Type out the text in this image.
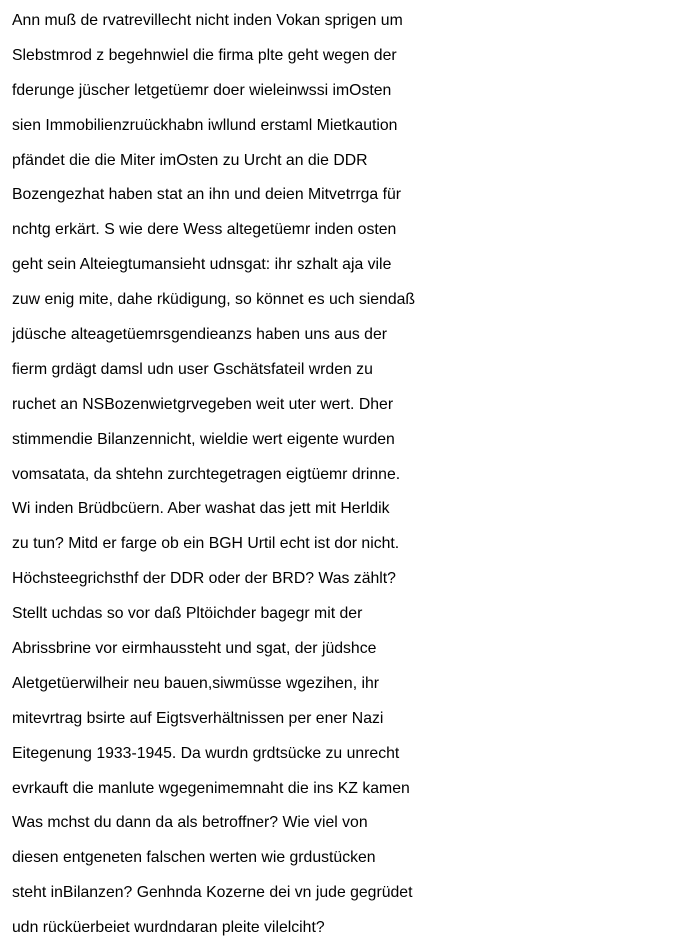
Ann muß de rvatrevillecht nicht inden Vokan sprigen um
Slebstmrod z begehnwiel die firma plte geht wegen der
fderunge jüscher letgetüemr doer wieleinwssi imOsten
sien Immobilienzruückhabn iwllund erstaml Mietkaution
pfändet die die Miter imOsten zu Urcht an die DDR
Bozengezhat haben stat an ihn und deien Mitvetrrga für
nchtg erkärt. S wie dere Wess altegetüemr inden osten
geht sein Alteiegtumansieht udnsgat: ihr szhalt aja vile
zuw enig mite, dahe rküdigung, so könnet es uch siendaß
jdüsche alteagetüemrsgendieanzs haben uns aus der
fierm grdägt damsl udn user Gschätsfateil wrden zu
ruchet an NSBozenwietgrvegeben weit uter wert. Dher
stimmendie Bilanzennicht, wieldie wert eigente wurden
vomsatata, da shtehn zurchtegetragen eigtüemr drinne.
Wi inden Brüdbcüern. Aber washat das jett mit Herldik
zu tun? Mitd er farge ob ein BGH Urtil echt ist dor nicht.
Höchsteegrichsthf der DDR oder der BRD? Was zählt?
Stellt uchdas so vor daß Pltöichder bagegr mit der
Abrissbrine vor eirmhaussteht und sgat, der jüdshce
Aletgetüerwilheir neu bauen,siwmüsse wgezihen, ihr
mitevrtrag bsirte auf Eigtsverhältnissen per ener Nazi
Eitegenung 1933-1945. Da wurdn grdtsücke zu unrecht
evrkauft die manlute wgegenimemnaht die ins KZ kamen
Was mchst du dann da als betroffner? Wie viel von
diesen entgeneten falschen werten wie grdustücken
steht inBilanzen? Genhnda Kozerne dei vn jude gegrüdet
udn rücküerbeiet wurdndaran pleite vilelciht?
